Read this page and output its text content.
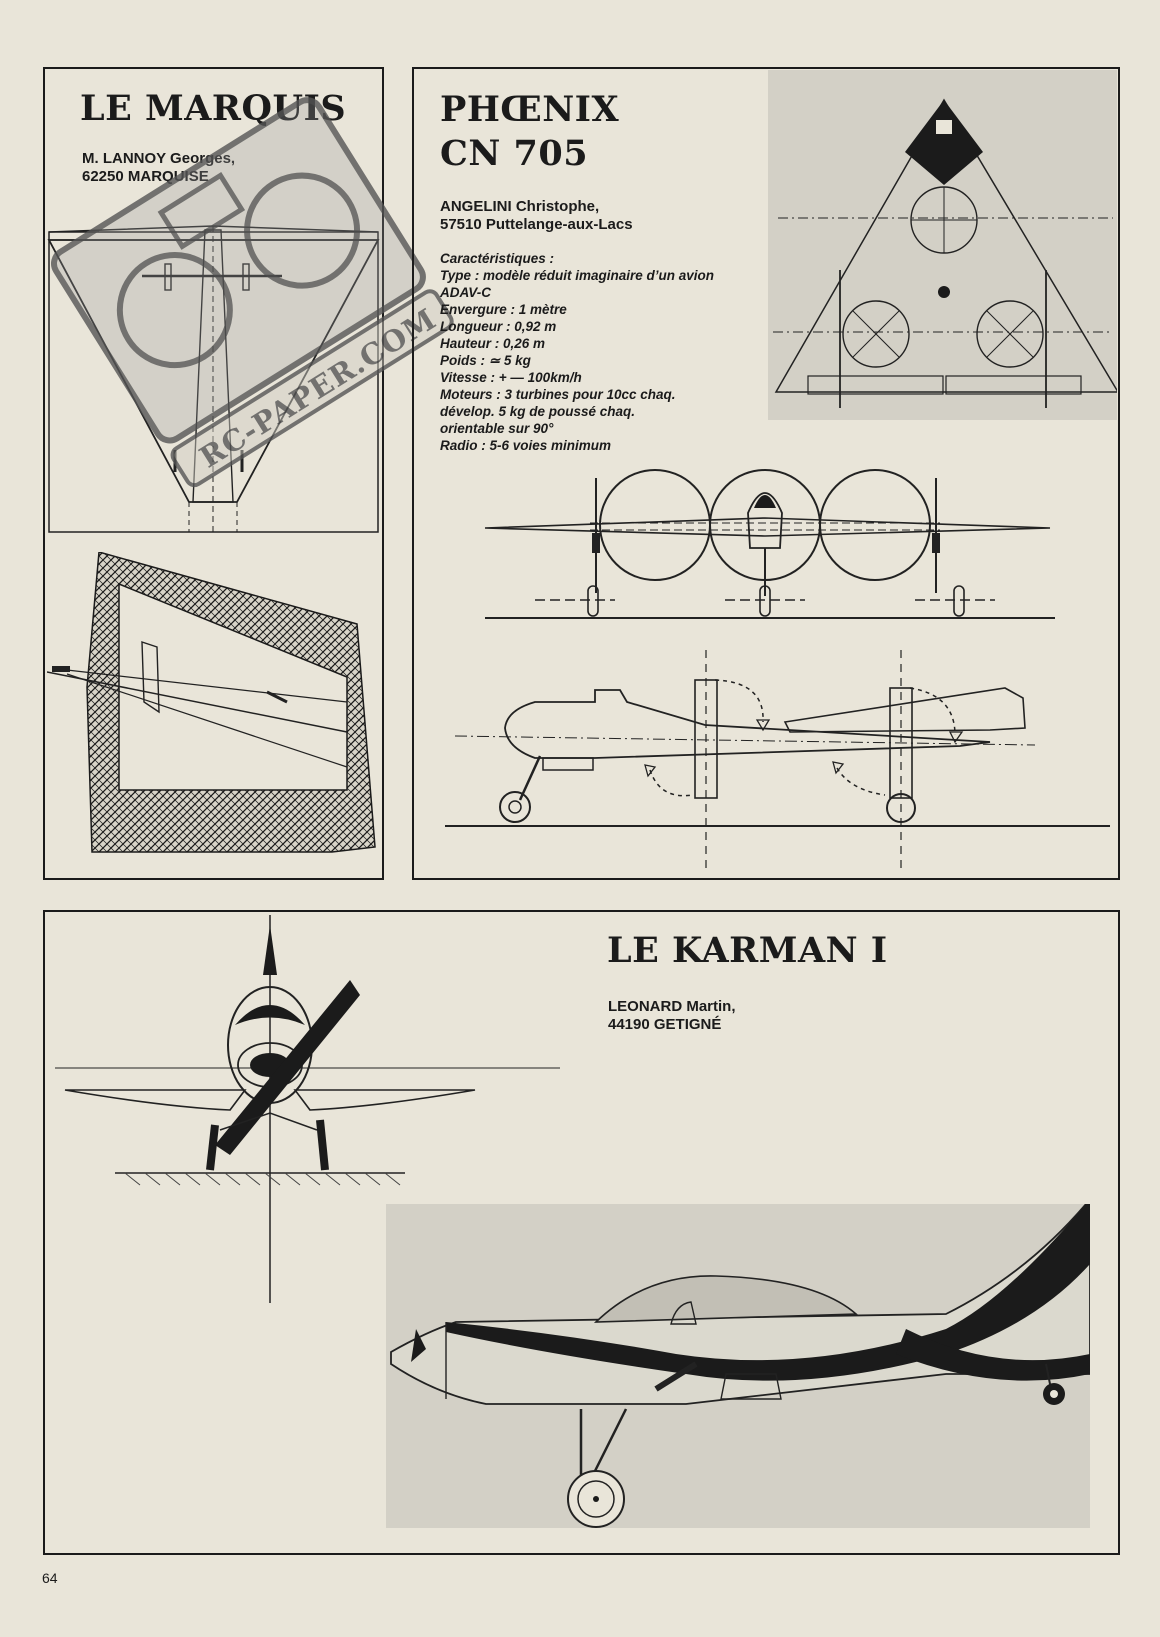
LE MARQUIS
M. LANNOY Georges,
62250 MARQUISE
RC-PAPER.COM
PHŒNIX
CN 705
ANGELINI Christophe,
57510 Puttelange-aux-Lacs
Caractéristiques :
Type : modèle réduit imaginaire d’un avion
ADAV-C
Envergure : 1 mètre
Longueur : 0,92 m
Hauteur : 0,26 m
Poids : ≃ 5 kg
Vitesse : + — 100km/h
Moteurs : 3 turbines pour 10cc chaq.
dévelop. 5 kg de poussé chaq.
orientable sur 90°
Radio : 5-6 voies minimum
LE KARMAN I
LEONARD Martin,
44190 GETIGNÉ
64
